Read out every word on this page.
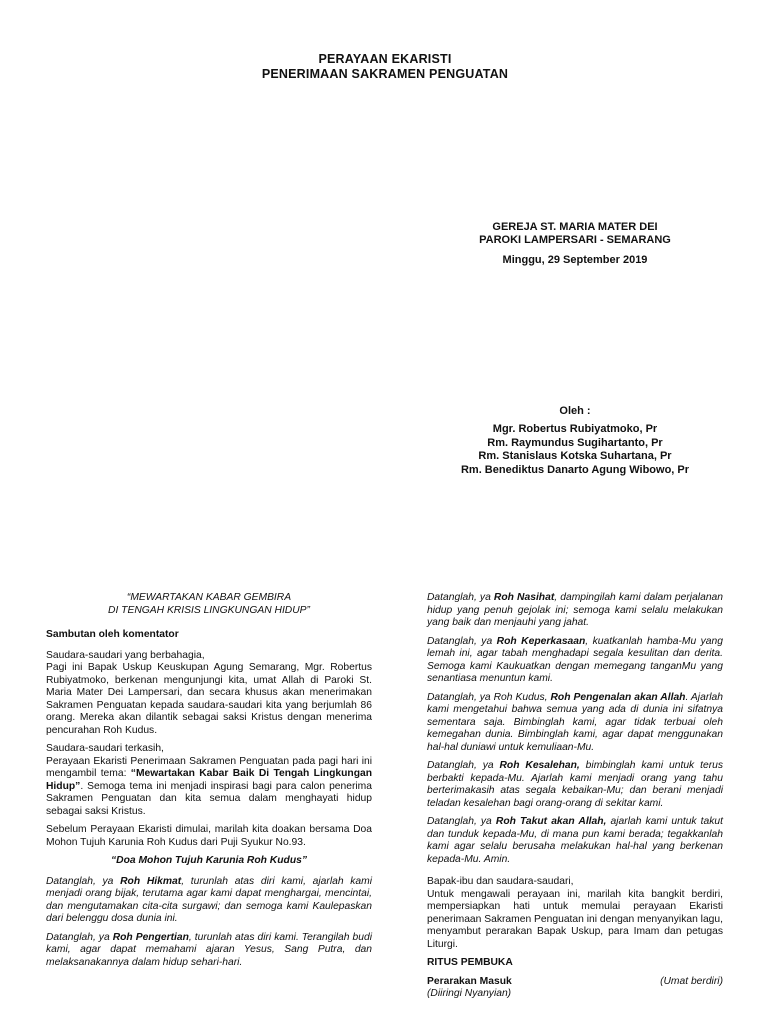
PERAYAAN EKARISTI
PENERIMAAN SAKRAMEN PENGUATAN
GEREJA ST. MARIA MATER DEI
PAROKI LAMPERSARI - SEMARANG
Minggu, 29 September 2019
Oleh :
Mgr. Robertus Rubiyatmoko, Pr
Rm. Raymundus Sugihartanto, Pr
Rm. Stanislaus Kotska Suhartana, Pr
Rm. Benediktus Danarto Agung Wibowo, Pr
“MEWARTAKAN KABAR GEMBIRA
DI TENGAH KRISIS LINGKUNGAN HIDUP”
Sambutan oleh komentator

Saudara-saudari yang berbahagia,
Pagi ini Bapak Uskup Keuskupan Agung Semarang, Mgr. Robertus Rubiyatmoko, berkenan mengunjungi kita, umat Allah di Paroki St. Maria Mater Dei Lampersari, dan secara khusus akan menerimakan Sakramen Penguatan kepada saudara-saudari kita yang berjumlah 86 orang. Mereka akan dilantik sebagai saksi Kristus dengan menerima pencurahan Roh Kudus.

Saudara-saudari terkasih,
Perayaan Ekaristi Penerimaan Sakramen Penguatan pada pagi hari ini mengambil tema: “Mewartakan Kabar Baik Di Tengah Lingkungan Hidup”. Semoga tema ini menjadi inspirasi bagi para calon penerima Sakramen Penguatan dan kita semua dalam menghayati hidup sebagai saksi Kristus.

Sebelum Perayaan Ekaristi dimulai, marilah kita doakan bersama Doa Mohon Tujuh Karunia Roh Kudus dari Puji Syukur No.93.

“Doa Mohon Tujuh Karunia Roh Kudus”

Datanglah, ya Roh Hikmat, turunlah atas diri kami, ajarlah kami menjadi orang bijak, terutama agar kami dapat menghargai, mencintai, dan mengutamakan cita-cita surgawi; dan semoga kami Kaulepaskan dari belenggu dosa dunia ini.

Datanglah, ya Roh Pengertian, turunlah atas diri kami. Terangilah budi kami, agar dapat memahami ajaran Yesus, Sang Putra, dan melaksanakannya dalam hidup sehari-hari.

Datanglah, ya Roh Nasihat, dampingilah kami dalam perjalanan hidup yang penuh gejolak ini; semoga kami selalu melakukan yang baik dan menjauhi yang jahat.

Datanglah, ya Roh Keperkasaan, kuatkanlah hamba-Mu yang lemah ini, agar tabah menghadapi segala kesulitan dan derita. Semoga kami Kaukuatkan dengan memegang tanganMu yang senantiasa menuntun kami.

Datanglah, ya Roh Kudus, Roh Pengenalan akan Allah. Ajarlah kami mengetahui bahwa semua yang ada di dunia ini sifatnya sementara saja. Bimbinglah kami, agar tidak terbuai oleh kemegahan dunia. Bimbinglah kami, agar dapat menggunakan hal-hal duniawi untuk kemuliaan-Mu.

Datanglah, ya Roh Kesalehan, bimbinglah kami untuk terus berbakti kepada-Mu. Ajarlah kami menjadi orang yang tahu berterimakasih atas segala kebaikan-Mu; dan berani menjadi teladan kesalehan bagi orang-orang di sekitar kami.

Datanglah, ya Roh Takut akan Allah, ajarlah kami untuk takut dan tunduk kepada-Mu, di mana pun kami berada; tegakkanlah kami agar selalu berusaha melakukan hal-hal yang berkenan kepada-Mu. Amin.

Bapak-ibu dan saudara-saudari,
Untuk mengawali perayaan ini, marilah kita bangkit berdiri, mempersiapkan hati untuk memulai perayaan Ekaristi penerimaan Sakramen Penguatan ini dengan menyanyikan lagu, menyambut perarakan Bapak Uskup, para Imam dan petugas Liturgi.

RITUS PEMBUKA
Perarakan Masuk	(Umat berdiri)
(Diiringi Nyanyian)
